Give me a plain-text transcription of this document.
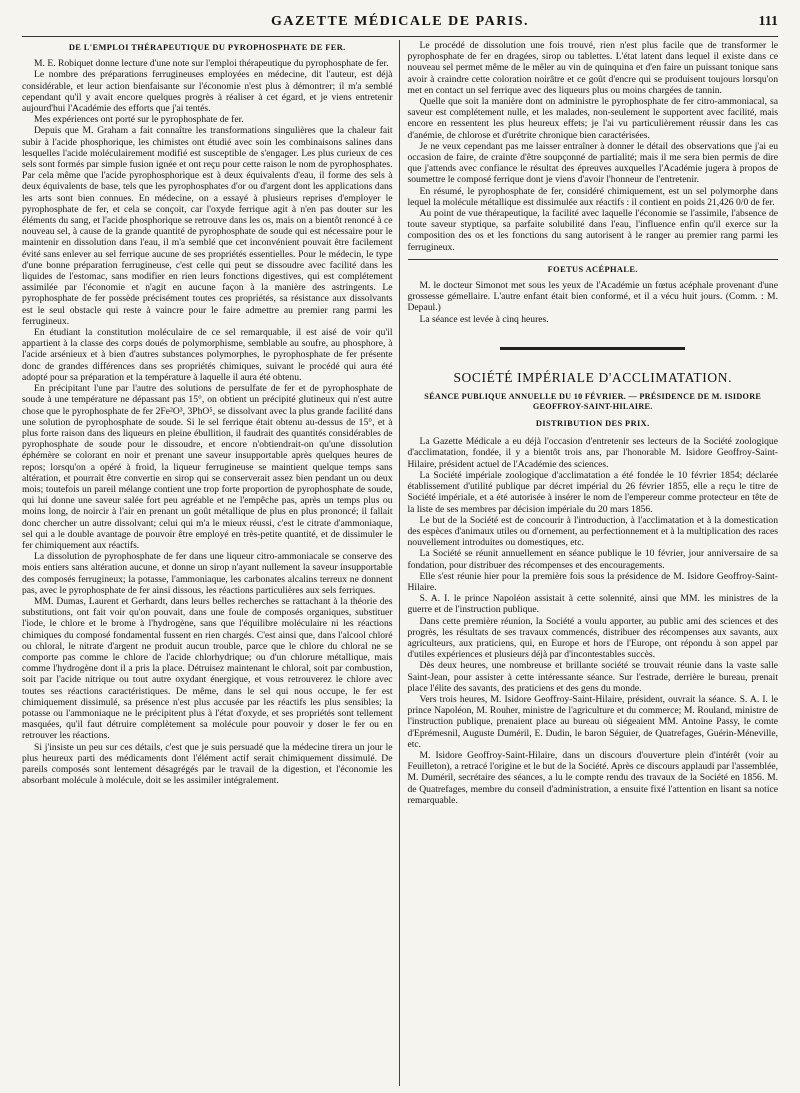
GAZETTE MÉDICALE DE PARIS.	111
DE L'EMPLOI THÉRAPEUTIQUE DU PYROPHOSPHATE DE FER.

M. E. Robiquet donne lecture d'une note sur l'emploi thérapeutique du pyrophosphate de fer.

Le nombre des préparations ferrugineuses employées en médecine, dit l'auteur, est déjà considérable, et leur action bienfaisante sur l'économie n'est plus à démontrer; il m'a semblé cependant qu'il y avait encore quelques progrès à réaliser à cet égard, et je viens entretenir aujourd'hui l'Académie des efforts que j'ai tentés.

Mes expériences ont porté sur le pyrophosphate de fer.

Depuis que M. Graham a fait connaître les transformations singulières que la chaleur fait subir à l'acide phosphorique, les chimistes ont étudié avec soin les combinaisons salines dans lesquelles l'acide moléculairement modifié est susceptible de s'engager. Les plus curieux de ces sels sont formés par simple fusion ignée et ont reçu pour cette raison le nom de pyrophosphates. Par cela même que l'acide pyrophosphorique est à deux équivalents d'eau, il forme des sels à deux équivalents de base, tels que les pyrophosphates d'or ou d'argent dont les applications dans les arts sont bien connues. En médecine, on a essayé à plusieurs reprises d'employer le pyrophosphate de fer, et cela se conçoit, car l'oxyde ferrique agit à n'en pas douter sur les éléments du sang, et l'acide phosphorique se retrouve dans les os, mais on a bientôt renoncé à ce nouveau sel, à cause de la grande quantité de pyrophosphate de soude qui est nécessaire pour le maintenir en dissolution dans l'eau, il m'a semblé que cet inconvénient pouvait être facilement évité sans enlever au sel ferrique aucune de ses propriétés essentielles. Pour le médecin, le type d'une bonne préparation ferrugineuse, c'est celle qui peut se dissoudre avec facilité dans les liquides de l'estomac, sans modifier en rien leurs fonctions digestives, qui est complétement assimilée par l'économie et n'agit en aucune façon à la manière des astringents. Le pyrophosphate de fer possède précisément toutes ces propriétés, sa résistance aux dissolvants est le seul obstacle qui reste à vaincre pour le faire admettre au premier rang parmi les ferrugineux.

En étudiant la constitution moléculaire de ce sel remarquable, il est aisé de voir qu'il appartient à la classe des corps doués de polymorphisme, semblable au soufre, au phosphore, à l'acide arsénieux et à bien d'autres substances polymorphes, le pyrophosphate de fer présente donc de grandes différences dans ses propriétés chimiques, suivant le procédé qui aura été adopté pour sa préparation et la température à laquelle il aura été obtenu.

En précipitant l'une par l'autre des solutions de persulfate de fer et de pyrophosphate de soude à une température ne dépassant pas 15°, on obtient un précipité glutineux qui n'est autre chose que le pyrophosphate de fer 2Fe²O³, 3PhO⁵, se dissolvant avec la plus grande facilité dans une solution de pyrophosphate de soude. Si le sel ferrique était obtenu au-dessus de 15°, et à plus forte raison dans des liqueurs en pleine ébullition, il faudrait des quantités considérables de pyrophosphate de soude pour le dissoudre, et encore n'obtiendrait-on qu'une dissolution éphémère se colorant en noir et prenant une saveur insupportable après quelques heures de repos; lorsqu'on a opéré à froid, la liqueur ferrugineuse se maintient quelque temps sans altération, et pourrait être convertie en sirop qui se conserverait assez bien pendant un ou deux mois; toutefois un pareil mélange contient une trop forte proportion de pyrophosphate de soude, qui lui donne une saveur salée fort peu agréable et ne l'empêche pas, après un temps plus ou moins long, de noircir à l'air en prenant un goût métallique de plus en plus prononcé; il fallait donc chercher un autre dissolvant; celui qui m'a le mieux réussi, c'est le citrate d'ammoniaque, sel qui a le double avantage de pouvoir être employé en très-petite quantité, et de dissimuler le fer chimiquement aux réactifs.

La dissolution de pyrophosphate de fer dans une liqueur citro-ammoniacale se conserve des mois entiers sans altération aucune, et donne un sirop n'ayant nullement la saveur insupportable des composés ferrugineux; la potasse, l'ammoniaque, les carbonates alcalins terreux ne donnent pas, avec le pyrophosphate de fer ainsi dissous, les réactions particulières aux sels ferriques.

MM. Dumas, Laurent et Gerhardt, dans leurs belles recherches se rattachant à la théorie des substitutions, ont fait voir qu'on pouvait, dans une foule de composés organiques, substituer l'iode, le chlore et le brome à l'hydrogène, sans que l'équilibre moléculaire ni les réactions chimiques du composé fondamental fussent en rien chargés. C'est ainsi que, dans l'alcool chloré ou chloral, le nitrate d'argent ne produit aucun trouble, parce que le chlore du chloral ne se comporte pas comme le chlore de l'acide chlorhydrique; ou d'un chlorure métallique, mais comme l'hydrogène dont il a pris la place. Détruisez maintenant le chloral, soit par combustion, soit par l'acide nitrique ou tout autre oxydant énergique, et vous retrouverez le chlore avec toutes ses réactions caractéristiques. De même, dans le sel qui nous occupe, le fer est chimiquement dissimulé, sa présence n'est plus accusée par les réactifs les plus sensibles; la potasse ou l'ammoniaque ne le précipitent plus à l'état d'oxyde, et ses propriétés sont tellement masquées, qu'il faut détruire complètement sa molécule pour pouvoir y doser le fer ou en retrouver les réactions.

Si j'insiste un peu sur ces détails, c'est que je suis persuadé que la médecine tirera un jour le plus heureux parti des médicaments dont l'élément actif serait chimiquement dissimulé. De pareils composés sont lentement désagrégés par le travail de la digestion, et l'économie les absorbant molécule à molécule, doit se les assimiler intégralement.

Le procédé de dissolution une fois trouvé, rien n'est plus facile que de transformer le pyrophosphate de fer en dragées, sirop ou tablettes. L'état latent dans lequel il existe dans ce nouveau sel permet même de le mêler au vin de quinquina et d'en faire un puissant tonique sans avoir à craindre cette coloration noirâtre et ce goût d'encre qui se produisent toujours lorsqu'on met en contact un sel ferrique avec des liqueurs plus ou moins chargées de tannin.

Quelle que soit la manière dont on administre le pyrophosphate de fer citro-ammoniacal, sa saveur est complétement nulle, et les malades, non-seulement le supportent avec facilité, mais encore en ressentent les plus heureux effets; je l'ai vu particulièrement réussir dans les cas d'anémie, de chlorose et d'urétrite chronique bien caractérisées.

Je ne veux cependant pas me laisser entraîner à donner le détail des observations que j'ai eu occasion de faire, de crainte d'être soupçonné de partialité; mais il me sera bien permis de dire que j'attends avec confiance le résultat des épreuves auxquelles l'Académie jugera à propos de soumettre le composé ferrique dont je viens d'avoir l'honneur de l'entretenir.

En résumé, le pyrophosphate de fer, considéré chimiquement, est un sel polymorphe dans lequel la molécule métallique est dissimulée aux réactifs : il contient en poids 21,426 0/0 de fer.

Au point de vue thérapeutique, la facilité avec laquelle l'économie se l'assimile, l'absence de toute saveur styptique, sa parfaite solubilité dans l'eau, l'influence enfin qu'il exerce sur la composition des os et les fonctions du sang autorisent à le ranger au premier rang parmi les ferrugineux.

FOETUS ACÉPHALE.

M. le docteur Simonot met sous les yeux de l'Académie un fœtus acéphale provenant d'une grossesse gémellaire. L'autre enfant était bien conformé, et il a vécu huit jours. (Comm. : M. Depaul.)

La séance est levée à cinq heures.

SOCIÉTÉ IMPÉRIALE D'ACCLIMATATION.
SÉANCE PUBLIQUE ANNUELLE DU 10 FÉVRIER. — PRÉSIDENCE DE M. ISIDORE
GEOFFROY-SAINT-HILAIRE.
DISTRIBUTION DES PRIX.

La Gazette Médicale a eu déjà l'occasion d'entretenir ses lecteurs de la Société zoologique d'acclimatation, fondée, il y a bientôt trois ans, par l'honorable M. Isidore Geoffroy-Saint-Hilaire, président actuel de l'Académie des sciences.

La Société impériale zoologique d'acclimatation a été fondée le 10 février 1854; déclarée établissement d'utilité publique par décret impérial du 26 février 1855, elle a reçu le titre de Société impériale, et a été autorisée à insérer le nom de l'empereur comme protecteur en tête de la liste de ses membres par décision impériale du 20 mars 1856.

Le but de la Société est de concourir à l'introduction, à l'acclimatation et à la domestication des espèces d'animaux utiles ou d'ornement, au perfectionnement et à la multiplication des races nouvellement introduites ou domestiques, etc.

La Société se réunit annuellement en séance publique le 10 février, jour anniversaire de sa fondation, pour distribuer des récompenses et des encouragements.

Elle s'est réunie hier pour la première fois sous la présidence de M. Isidore Geoffroy-Saint-Hilaire.

S. A. I. le prince Napoléon assistait à cette solennité, ainsi que MM. les ministres de la guerre et de l'instruction publique.

Dans cette première réunion, la Société a voulu apporter, au public ami des sciences et des progrès, les résultats de ses travaux commencés, distribuer des récompenses aux savants, aux agriculteurs, aux praticiens, qui, en Europe et hors de l'Europe, ont répondu à son appel par d'utiles expériences et plusieurs déjà par d'incontestables succès.

Dès deux heures, une nombreuse et brillante société se trouvait réunie dans la vaste salle Saint-Jean, pour assister à cette intéressante séance. Sur l'estrade, derrière le bureau, prenait place l'élite des savants, des praticiens et des gens du monde.

Vers trois heures, M. Isidore Geoffroy-Saint-Hilaire, président, ouvrait la séance. S. A. I. le prince Napoléon, M. Rouher, ministre de l'agriculture et du commerce; M. Rouland, ministre de l'instruction publique, prenaient place au bureau où siégeaient MM. Antoine Passy, le comte d'Eprémesnil, Auguste Duméril, E. Dudin, le baron Séguier, de Quatrefages, Guérin-Méneville, etc.

M. Isidore Geoffroy-Saint-Hilaire, dans un discours d'ouverture plein d'intérêt (voir au Feuilleton), a retracé l'origine et le but de la Société. Après ce discours applaudi par l'assemblée, M. Duméril, secrétaire des séances, a lu le compte rendu des travaux de la Société en 1856. M. de Quatrefages, membre du conseil d'administration, a ensuite fixé l'attention en lisant sa notice remarquable.
